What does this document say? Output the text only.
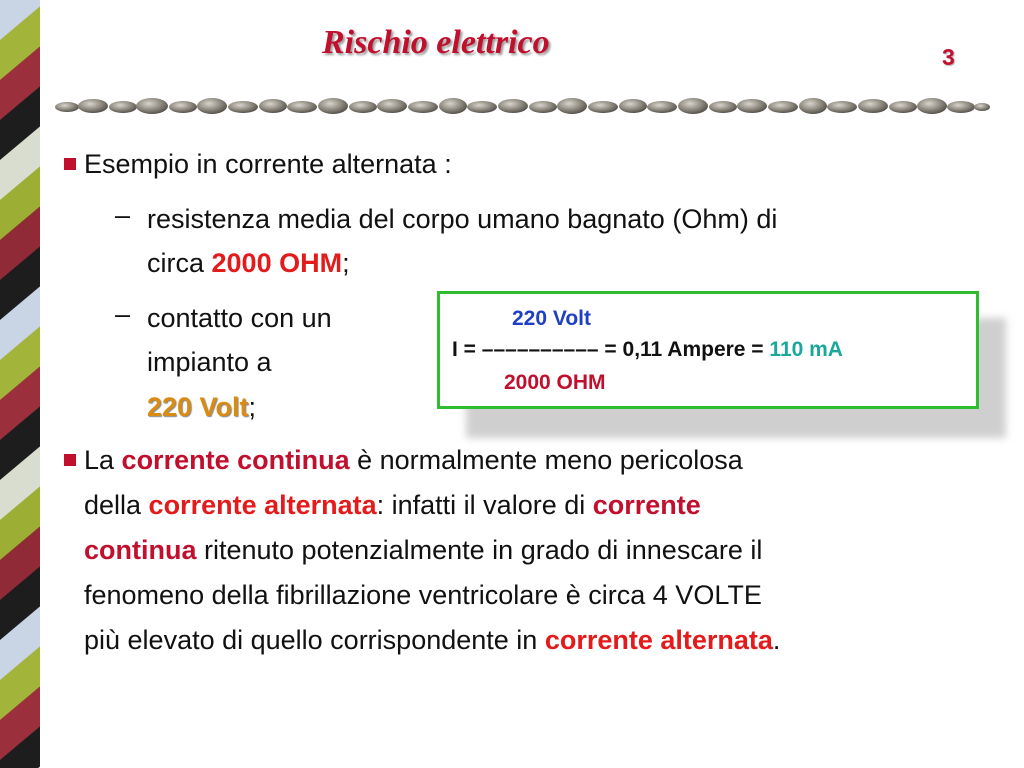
Rischio elettrico	3
Esempio in corrente alternata :
– resistenza media del corpo umano bagnato (Ohm) di
circa 2000 OHM;
– contatto con un
impianto a
220 Volt;
220 Volt
I = –––––––––– = 0,11 Ampere = 110 mA
2000 OHM
La corrente continua è normalmente meno pericolosa
della corrente alternata: infatti il valore di corrente
continua ritenuto potenzialmente in grado di innescare il
fenomeno della fibrillazione ventricolare è circa 4 VOLTE
più elevato di quello corrispondente in corrente alternata.
